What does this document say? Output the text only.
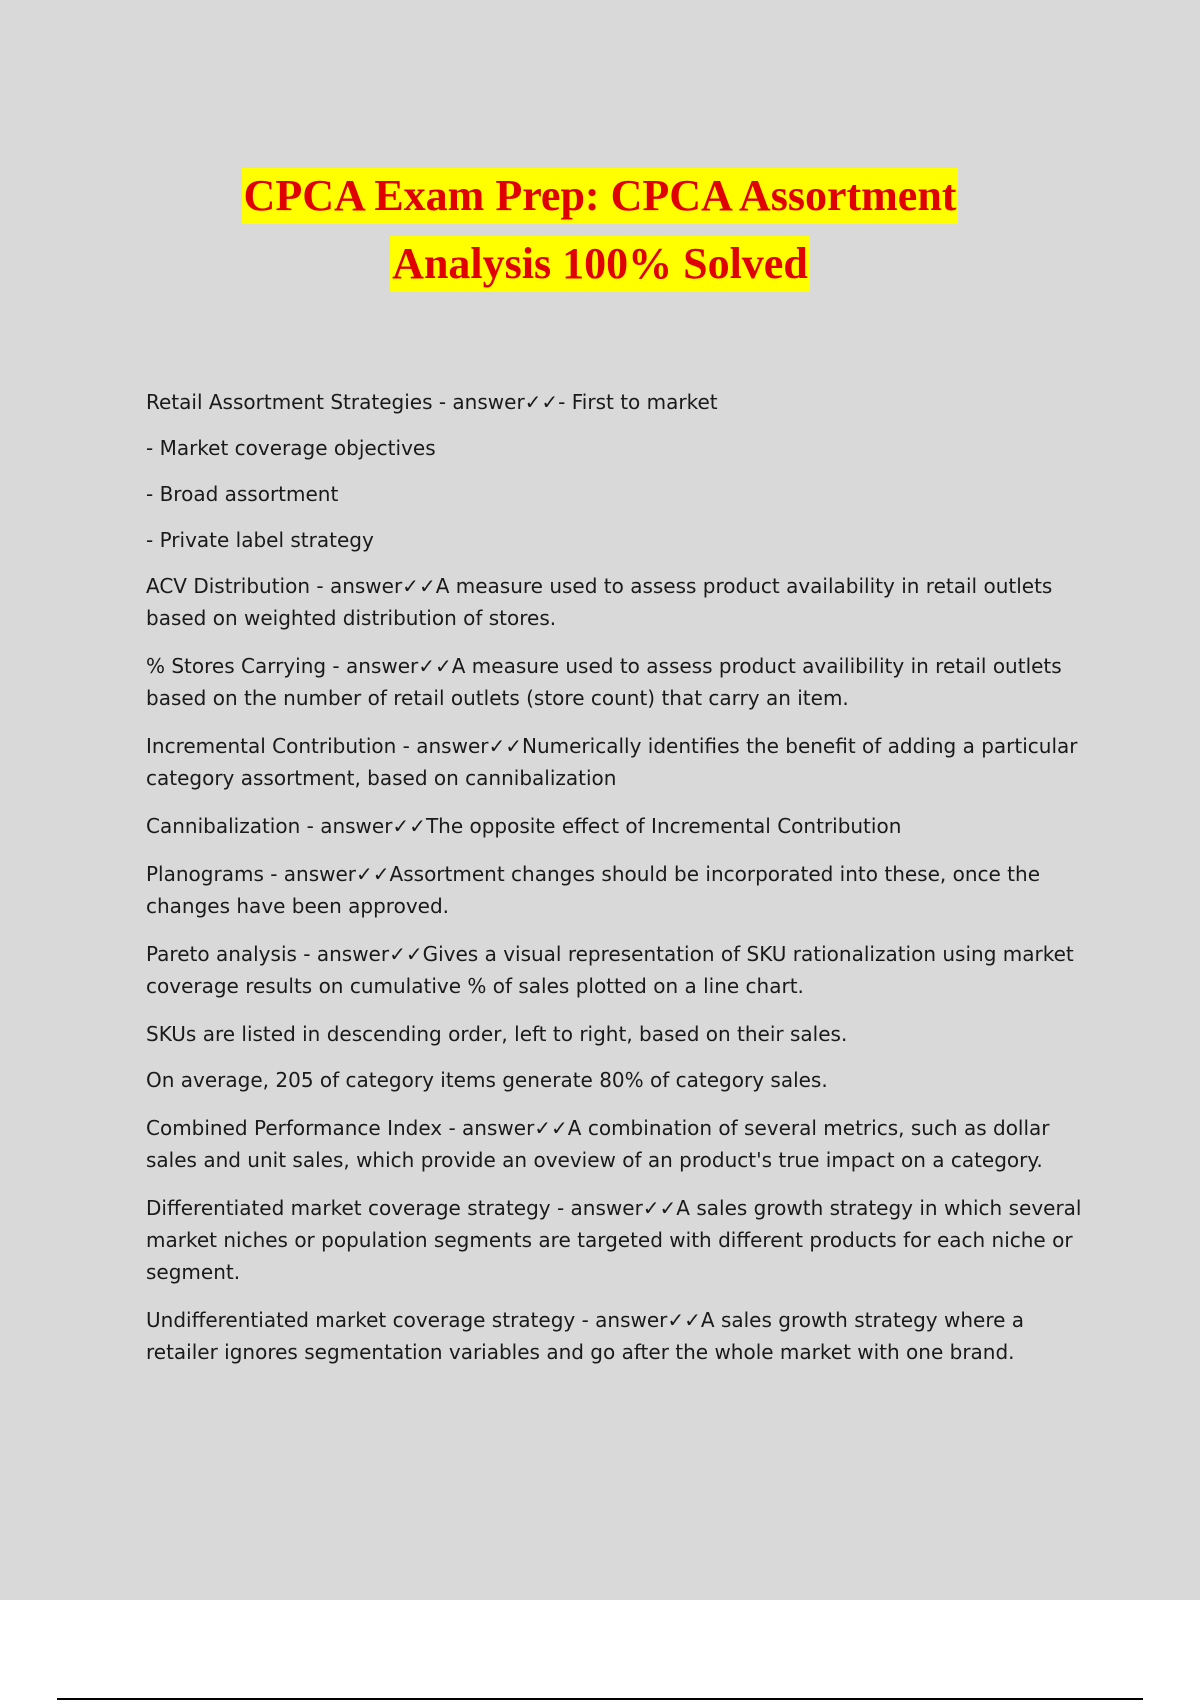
CPCA Exam Prep: CPCA Assortment
Analysis 100% Solved

Retail Assortment Strategies - answer✓✓- First to market

- Market coverage objectives

- Broad assortment

- Private label strategy

ACV Distribution - answer✓✓A measure used to assess product availability in retail outlets based on weighted distribution of stores.

% Stores Carrying - answer✓✓A measure used to assess product availibility in retail outlets based on the number of retail outlets (store count) that carry an item.

Incremental Contribution - answer✓✓Numerically identifies the benefit of adding a particular category assortment, based on cannibalization

Cannibalization - answer✓✓The opposite effect of Incremental Contribution

Planograms - answer✓✓Assortment changes should be incorporated into these, once the changes have been approved.

Pareto analysis - answer✓✓Gives a visual representation of SKU rationalization using market coverage results on cumulative % of sales plotted on a line chart.

SKUs are listed in descending order, left to right, based on their sales.

On average, 205 of category items generate 80% of category sales.

Combined Performance Index - answer✓✓A combination of several metrics, such as dollar sales and unit sales, which provide an oveview of an product's true impact on a category.

Differentiated market coverage strategy - answer✓✓A sales growth strategy in which several market niches or population segments are targeted with different products for each niche or segment.

Undifferentiated market coverage strategy - answer✓✓A sales growth strategy where a retailer ignores segmentation variables and go after the whole market with one brand.
